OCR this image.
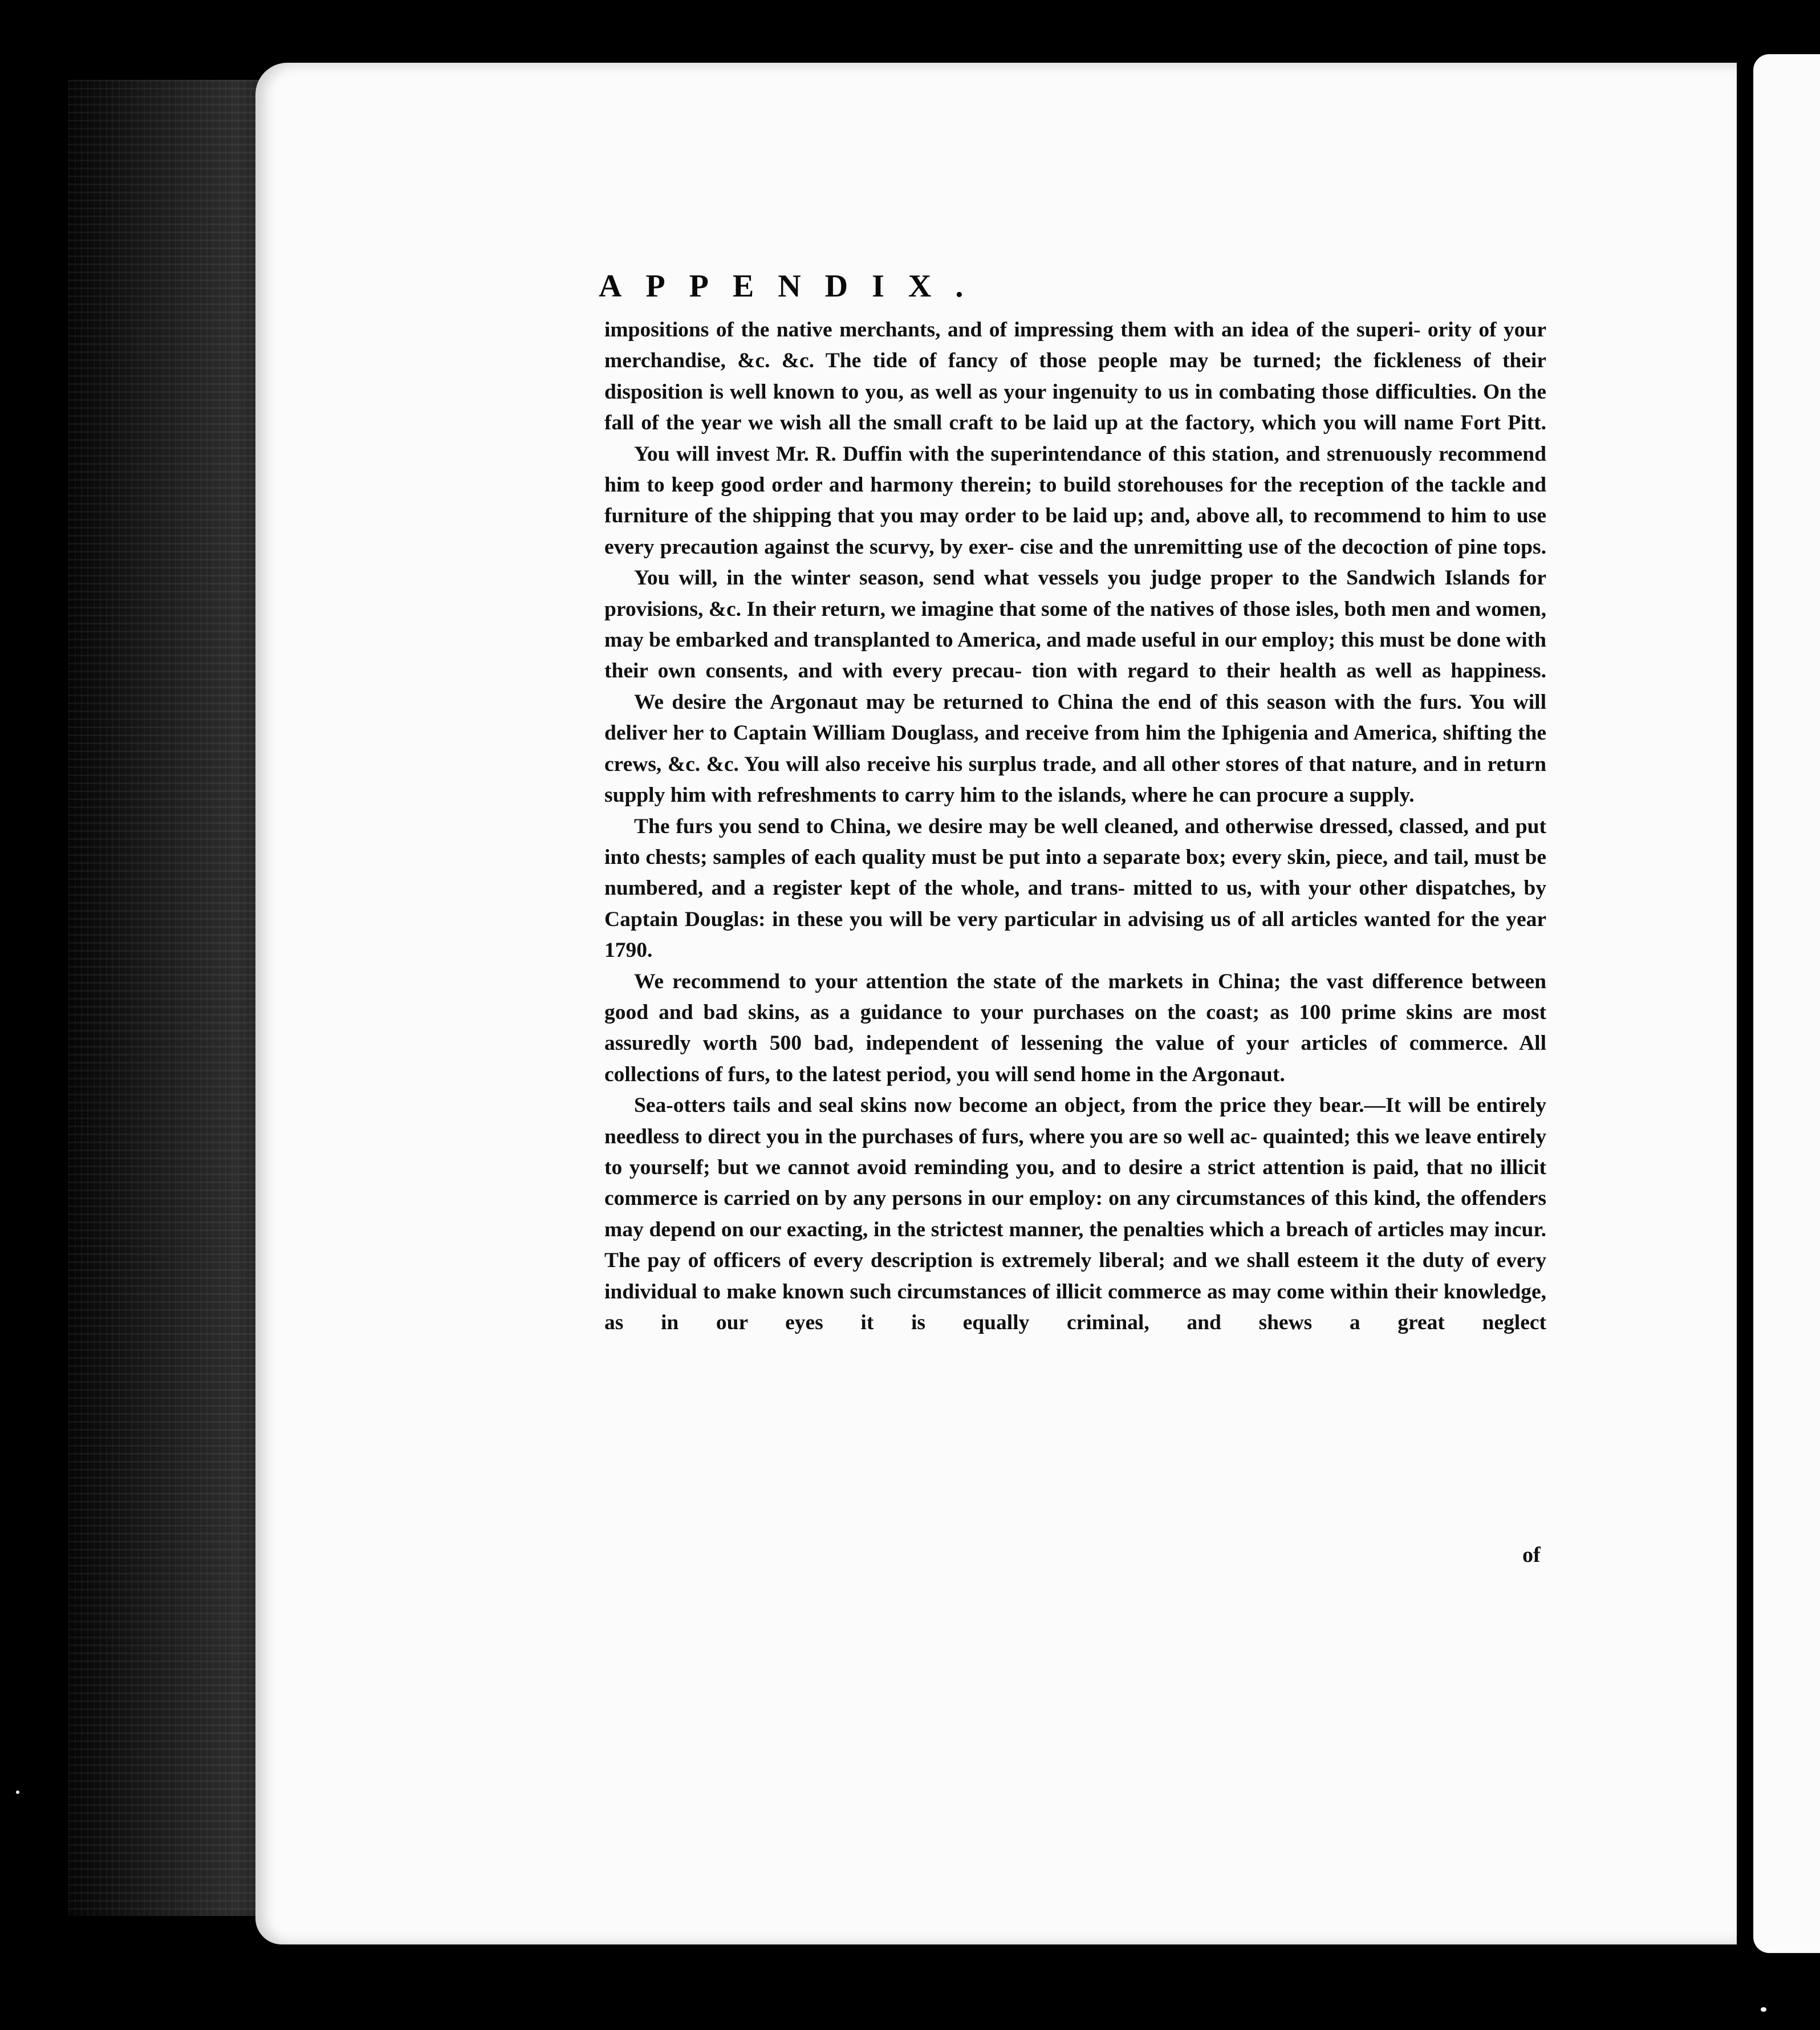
APPENDIX.

impositions of the native merchants, and of impressing them with an idea of the superi- ority of your merchandise, &c. &c. The tide of fancy of those people may be turned; the fickleness of their disposition is well known to you, as well as your ingenuity to us in combating those difficulties. On the fall of the year we wish all the small craft to be laid up at the factory, which you will name Fort Pitt.

You will invest Mr. R. Duffin with the superintendance of this station, and strenuously recommend him to keep good order and harmony therein; to build storehouses for the reception of the tackle and furniture of the shipping that you may order to be laid up; and, above all, to recommend to him to use every precaution against the scurvy, by exer- cise and the unremitting use of the decoction of pine tops.

You will, in the winter season, send what vessels you judge proper to the Sandwich Islands for provisions, &c. In their return, we imagine that some of the natives of those isles, both men and women, may be embarked and transplanted to America, and made useful in our employ; this must be done with their own consents, and with every precau- tion with regard to their health as well as happiness.

We desire the Argonaut may be returned to China the end of this season with the furs. You will deliver her to Captain William Douglass, and receive from him the Iphigenia and America, shifting the crews, &c. &c. You will also receive his surplus trade, and all other stores of that nature, and in return supply him with refreshments to carry him to the islands, where he can procure a supply.

The furs you send to China, we desire may be well cleaned, and otherwise dressed, classed, and put into chests; samples of each quality must be put into a separate box; every skin, piece, and tail, must be numbered, and a register kept of the whole, and trans- mitted to us, with your other dispatches, by Captain Douglas: in these you will be very particular in advising us of all articles wanted for the year 1790.

We recommend to your attention the state of the markets in China; the vast difference between good and bad skins, as a guidance to your purchases on the coast; as 100 prime skins are most assuredly worth 500 bad, independent of lessening the value of your articles of commerce. All collections of furs, to the latest period, you will send home in the Argonaut.

Sea-otters tails and seal skins now become an object, from the price they bear.—It will be entirely needless to direct you in the purchases of furs, where you are so well ac- quainted; this we leave entirely to yourself; but we cannot avoid reminding you, and to desire a strict attention is paid, that no illicit commerce is carried on by any persons in our employ: on any circumstances of this kind, the offenders may depend on our exacting, in the strictest manner, the penalties which a breach of articles may incur. The pay of officers of every description is extremely liberal; and we shall esteem it the duty of every individual to make known such circumstances of illicit commerce as may come within their knowledge, as in our eyes it is equally criminal, and shews a great neglect

of
